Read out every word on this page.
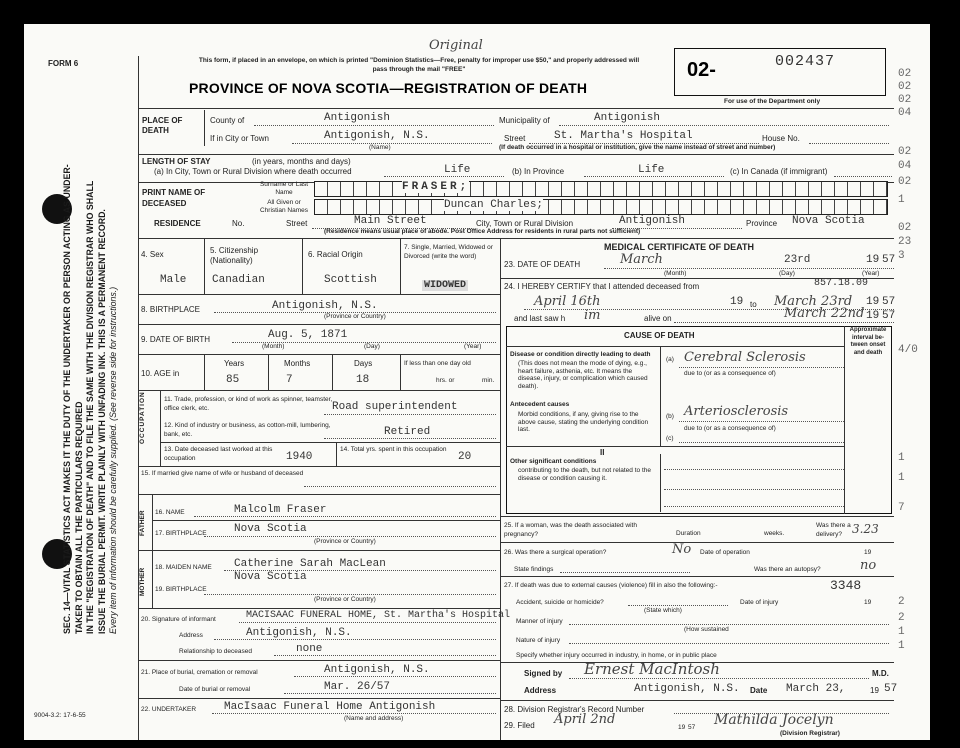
SEC. 14—VITAL STATISTICS ACT MAKES IT THE DUTY OF THE UNDERTAKER OR PERSON ACTING AS UNDER- TAKER TO OBTAIN ALL THE PARTICULARS REQUIRED IN THE "REGISTRATION OF DEATH" AND TO FILE THE SAME WITH THE DIVISION REGISTRAR WHO SHALL ISSUE THE BURIAL PERMIT. WRITE PLAINLY WITH UNFADING INK. THIS IS A PERMANENT RECORD. Every item of information should be carefully supplied. (See reverse side for instructions.)
FORM 6
9004-3.2: 17-6-55
This form, if placed in an envelope, on which is printed "Dominion Statistics—Free, penalty for improper use $50," and properly addressed will pass through the mail "FREE"
Original
PROVINCE OF NOVA SCOTIA—REGISTRATION OF DEATH
02-	002437
For use of the Department only
PLACE OF DEATH
County of	Antigonish	Municipality of	Antigonish
If in City or Town	Antigonish, N.S.
(Name)
Street	St. Martha's Hospital	House No.
(If death occurred in a hospital or institution, give the name instead of street and number)
LENGTH OF STAY	(in years, months and days)
(a) In City, Town or Rural Division where death occurred	Life	(b) In Province	Life	(c) In Canada (if immigrant)
PRINT NAME OF DECEASED
Surname or Last Name	FRASER;
All Given or Christian Names	Duncan Charles;
RESIDENCE	No.	Street	Main Street	City, Town or Rural Division	Antigonish	Province Nova Scotia
(Residence means usual place of abode. Post Office Address for residents in rural parts not sufficient)
4. Sex
Male
5. Citizenship (Nationality)
Canadian
6. Racial Origin
Scottish
7. Single, Married, Widowed or Divorced (write the word)
WIDOWED
8. BIRTHPLACE	Antigonish, N.S.
(Province or Country)
9. DATE OF BIRTH	Aug. 5, 1871
(Month)	(Day)	(Year)
10. AGE in
Years	Months	Days
85	7	18
If less than one day old
hrs. or	min.
OCCUPATION	11. Trade, profession, or kind of work as spinner, teamster, office clerk, etc.	Road superintendent
12. Kind of industry or business, as cotton-mill, lumbering, bank, etc.	Retired
13. Date deceased last worked at this occupation	1940
14. Total yrs. spent in this occupation
20
15. If married give name of wife or husband of deceased
FATHER
MOTHER
16. NAME	Malcolm Fraser
17. BIRTHPLACE Nova Scotia
(Province or Country)
18. MAIDEN NAME Catherine Sarah MacLean
Nova Scotia
19. BIRTHPLACE
(Province or Country)
20. Signature of informant	MACISAAC FUNERAL HOME, St. Martha's Hospital
Address	Antigonish, N.S.
Relationship to deceased	none
21. Place of burial, cremation or removal	Antigonish, N.S.
Date of burial or removal	Mar. 26/57
22. UNDERTAKER	MacIsaac Funeral Home Antigonish
(Name and address)
MEDICAL CERTIFICATE OF DEATH
23. DATE OF DEATH	March	23rd	19 57
(Month)	(Day)	(Year)
24. I HEREBY CERTIFY that I attended deceased from	857.18.09
April 16th	19 to March 23rd 19 57
and last saw h im	alive on	March 22nd 19 57
CAUSE OF DEATH
Approximate interval be- tween onset and death
Disease or condition directly leading to death
(This does not mean the mode of dying, e.g., heart failure, asthenia, etc. It means the disease, injury, or complication which caused death).
(a) Cerebral Sclerosis
due to (or as a consequence of)
Antecedent causes
Morbid conditions, if any, giving rise to the above cause, stating the underlying condition last.
(b) Arteriosclerosis
due to (or as a consequence of)
(c)
II
Other significant conditions
contributing to the death, but not related to the disease or condition causing it.
25. If a woman, was the death associated with pregnancy?	Duration	weeks.
Was there a delivery? 3.23
26. Was there a surgical operation?	No Date of operation	19
State findings	Was there an autopsy?	no
27. If death was due to external causes (violence) fill in also the following:-	3348
Accident, suicide or homicide?
(State which)
Date of injury	19
Manner of injury
(How sustained
Nature of injury
Specify whether injury occurred in industry, in home, or in public place
Signed by Ernest MacIntosh	M.D.
Address	Antigonish, N.S. Date March 23,	19 57
28. Division Registrar's Record Number
29. Filed April 2nd
19 57 Mathilda Jocelyn
(Division Registrar)
02
02
02
04
02
04
02
1
02
23
3
4/0
1
1
7
2
2
1
1
